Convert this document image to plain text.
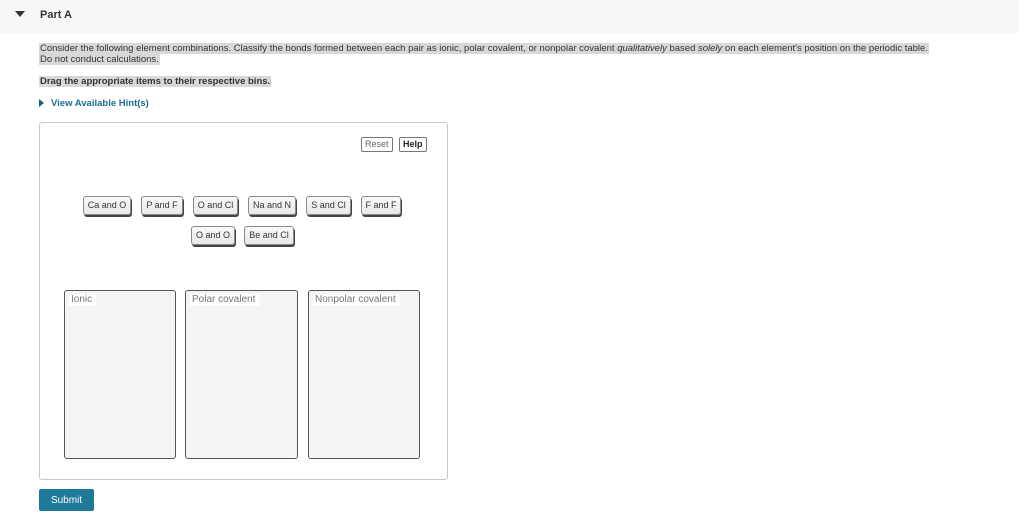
Part A
Consider the following element combinations. Classify the bonds formed between each pair as ionic, polar covalent, or nonpolar covalent qualitatively based solely on each element's position on the periodic table.
Do not conduct calculations.
Drag the appropriate items to their respective bins.
View Available Hint(s)
Reset	Help
Ca and O	P and F	O and Cl	Na and N	S and Cl	F and F
O and O	Be and Cl
Ionic	Polar covalent	Nonpolar covalent
Submit
